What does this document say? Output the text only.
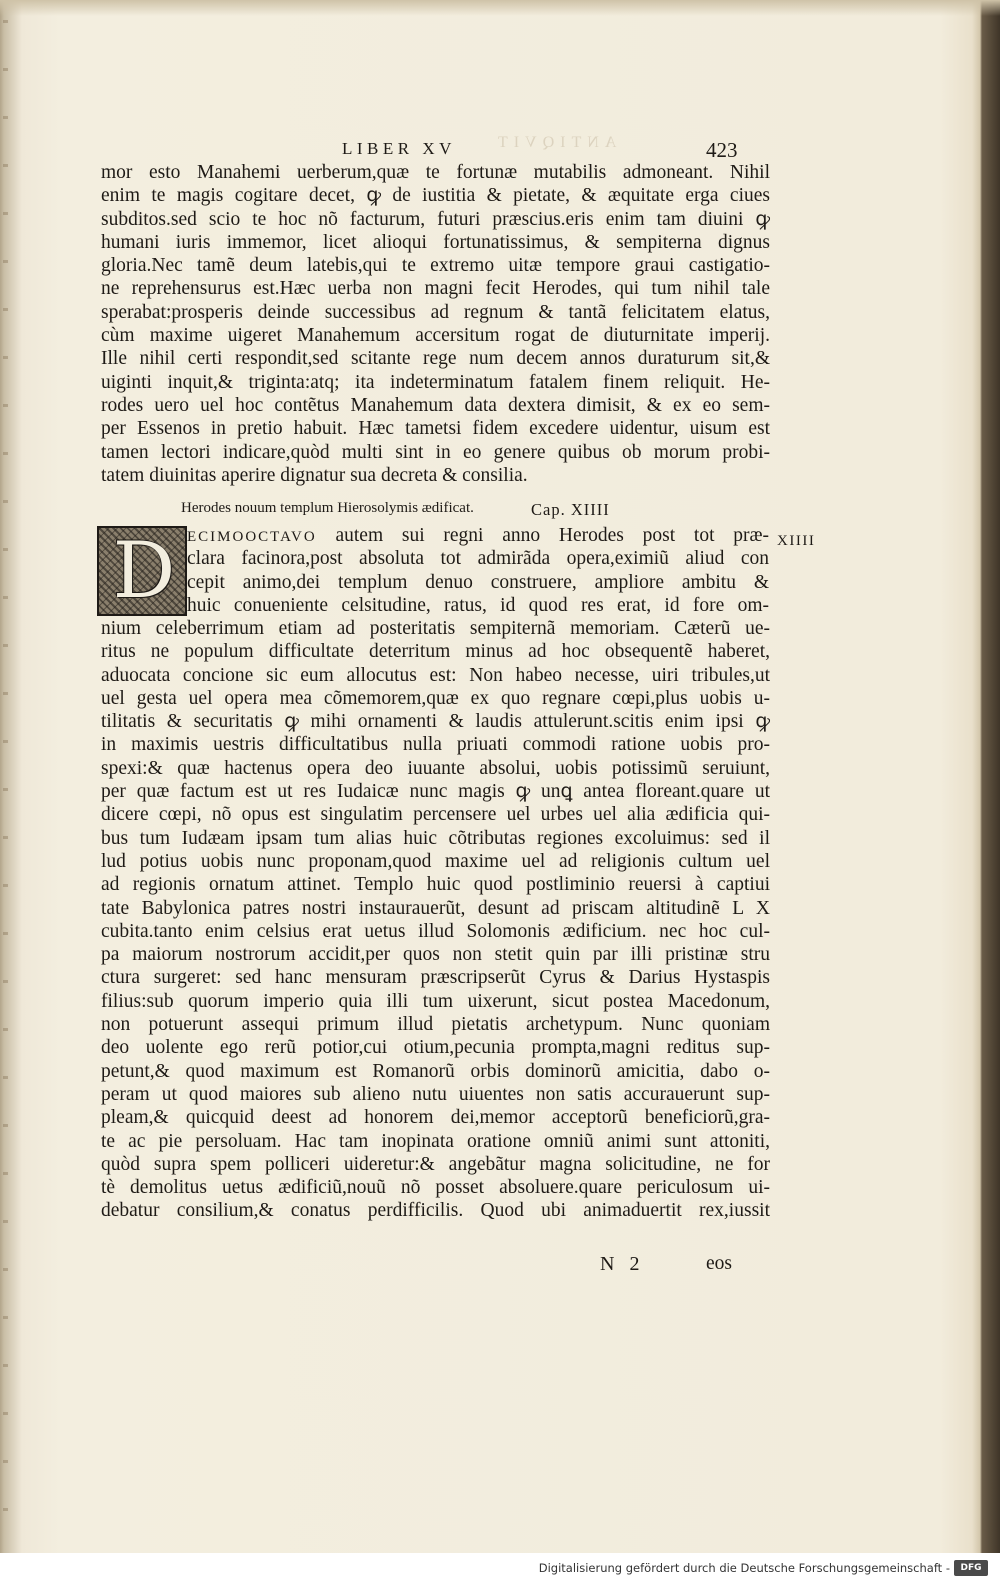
ANTIQVIT
LIBER XV	423
mor esto Manahemi uerberum,quæ te fortunæ mutabilis admoneant. Nihil
enim te magis cogitare decet, ꝙ de iustitia & pietate, & æquitate erga ciues
subditos.sed scio te hoc nõ facturum, futuri præscius.eris enim tam diuini ꝙ
humani iuris immemor, licet alioqui fortunatissimus, & sempiterna dignus
gloria.Nec tamẽ deum latebis,qui te extremo uitæ tempore graui castigatio-
ne reprehensurus est.Hæc uerba non magni fecit Herodes, qui tum nihil tale
sperabat:prosperis deinde successibus ad regnum & tantã felicitatem elatus,
cùm maxime uigeret Manahemum accersitum rogat de diuturnitate imperij.
Ille nihil certi respondit,sed scitante rege num decem annos duraturum sit,&
uiginti inquit,& triginta:atq; ita indeterminatum fatalem finem reliquit. He-
rodes uero uel hoc contẽtus Manahemum data dextera dimisit, & ex eo sem-
per Essenos in pretio habuit. Hæc tametsi fidem excedere uidentur, uisum est
tamen lectori indicare,quòd multi sint in eo genere quibus ob morum probi-
tatem diuinitas aperire dignatur sua decreta & consilia.
Herodes nouum templum Hierosolymis ædificat.	Cap. XIIII
XIIII
D ECIMOOCTAVO autem sui regni anno Herodes post tot præ-
clara facinora,post absoluta tot admirãda opera,eximiũ aliud con
cepit animo,dei templum denuo construere, ampliore ambitu &
huic conueniente celsitudine, ratus, id quod res erat, id fore om-
nium celeberrimum etiam ad posteritatis sempiternã memoriam. Cæterũ ue-
ritus ne populum difficultate deterritum minus ad hoc obsequentẽ haberet,
aduocata concione sic eum allocutus est: Non habeo necesse, uiri tribules,ut
uel gesta uel opera mea cõmemorem,quæ ex quo regnare cœpi,plus uobis u-
tilitatis & securitatis ꝙ mihi ornamenti & laudis attulerunt.scitis enim ipsi ꝙ
in maximis uestris difficultatibus nulla priuati commodi ratione uobis pro-
spexi:& quæ hactenus opera deo iuuante absolui, uobis potissimũ seruiunt,
per quæ factum est ut res Iudaicæ nunc magis ꝙ unꝗ antea floreant.quare ut
dicere cœpi, nõ opus est singulatim percensere uel urbes uel alia ædificia qui-
bus tum Iudæam ipsam tum alias huic cõtributas regiones excoluimus: sed il
lud potius uobis nunc proponam,quod maxime uel ad religionis cultum uel
ad regionis ornatum attinet. Templo huic quod postliminio reuersi à captiui
tate Babylonica patres nostri instaurauerũt, desunt ad priscam altitudinẽ L X
cubita.tanto enim celsius erat uetus illud Solomonis ædificium. nec hoc cul-
pa maiorum nostrorum accidit,per quos non stetit quin par illi pristinæ stru
ctura surgeret: sed hanc mensuram præscripserũt Cyrus & Darius Hystaspis
filius:sub quorum imperio quia illi tum uixerunt, sicut postea Macedonum,
non potuerunt assequi primum illud pietatis archetypum. Nunc quoniam
deo uolente ego rerũ potior,cui otium,pecunia prompta,magni reditus sup-
petunt,& quod maximum est Romanorũ orbis dominorũ amicitia, dabo o-
peram ut quod maiores sub alieno nutu uiuentes non satis accurauerunt sup-
pleam,& quicquid deest ad honorem dei,memor acceptorũ beneficiorũ,gra-
te ac pie persoluam. Hac tam inopinata oratione omniũ animi sunt attoniti,
quòd supra spem polliceri uideretur:& angebãtur magna solicitudine, ne for
tè demolitus uetus ædificiũ,nouũ nõ posset absoluere.quare periculosum ui-
debatur consilium,& conatus perdifficilis. Quod ubi animaduertit rex,iussit
N 2	eos
Digitalisierung gefördert durch die Deutsche Forschungsgemeinschaft -	DFG
